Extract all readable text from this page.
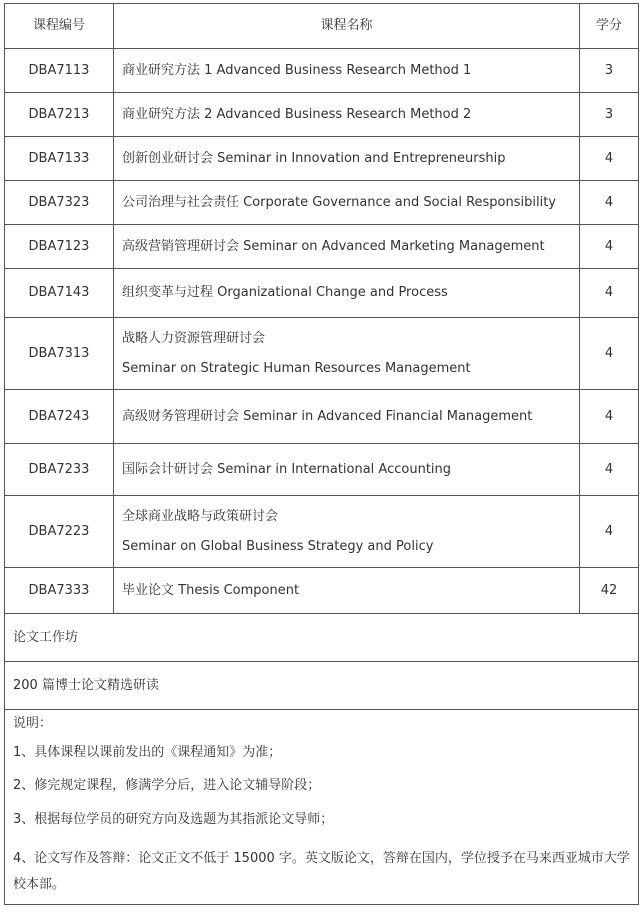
课程编号	课程名称	学分
DBA7113	商业研究方法 1 Advanced Business Research Method 1	3
DBA7213	商业研究方法 2 Advanced Business Research Method 2	3
DBA7133	创新创业研讨会 Seminar in Innovation and Entrepreneurship	4
DBA7323	公司治理与社会责任 Corporate Governance and Social Responsibility	4
DBA7123	高级营销管理研讨会 Seminar on Advanced Marketing Management	4
DBA7143	组织变革与过程 Organizational Change and Process	4
DBA7313	战略人力资源管理研讨会
Seminar on Strategic Human Resources Management	4
DBA7243	高级财务管理研讨会 Seminar in Advanced Financial Management	4
DBA7233	国际会计研讨会 Seminar in International Accounting	4
DBA7223	全球商业战略与政策研讨会
Seminar on Global Business Strategy and Policy	4
DBA7333	毕业论文 Thesis Component	42
论文工作坊		
200 篇博士论文精选研读		

说明：
1、具体课程以课前发出的《课程通知》为准；
2、修完规定课程，修满学分后，进入论文辅导阶段；
3、根据每位学员的研究方向及选题为其指派论文导师；
4、论文写作及答辩：论文正文不低于 15000 字。英文版论文，答辩在国内，学位授予在马来西亚城市大学校本部。		
